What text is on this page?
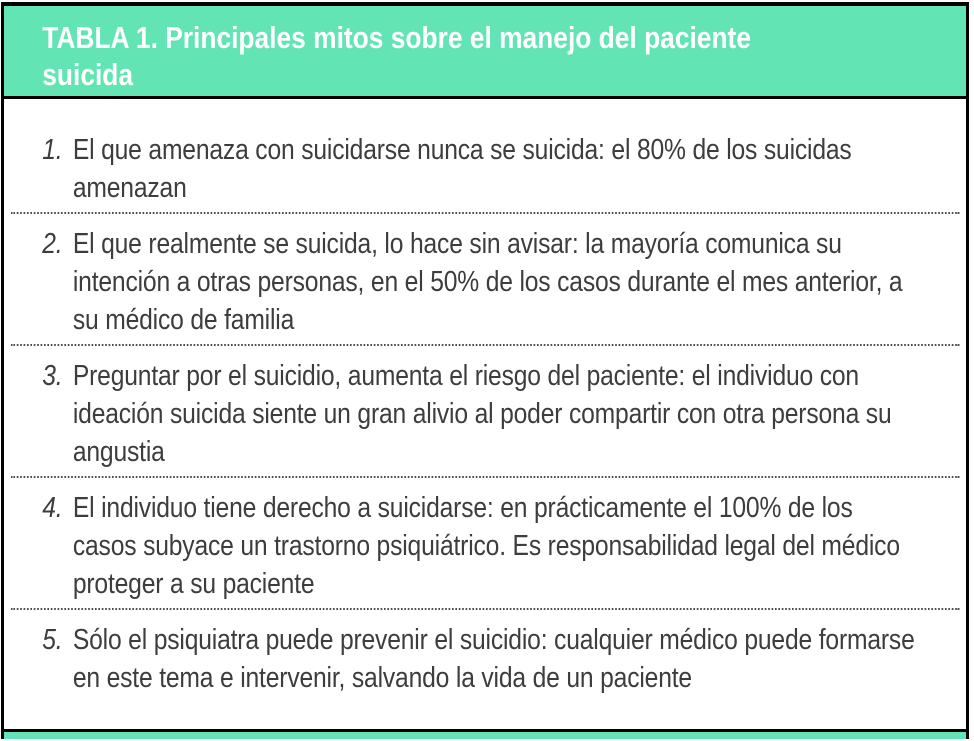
TABLA 1. Principales mitos sobre el manejo del paciente
suicida
1. El que amenaza con suicidarse nunca se suicida: el 80% de los suicidas amenazan
2. El que realmente se suicida, lo hace sin avisar: la mayoría comunica su intención a otras personas, en el 50% de los casos durante el mes anterior, a su médico de familia
3. Preguntar por el suicidio, aumenta el riesgo del paciente: el individuo con ideación suicida siente un gran alivio al poder compartir con otra persona su angustia
4. El individuo tiene derecho a suicidarse: en prácticamente el 100% de los casos subyace un trastorno psiquiátrico. Es responsabilidad legal del médico proteger a su paciente
5. Sólo el psiquiatra puede prevenir el suicidio: cualquier médico puede formarse en este tema e intervenir, salvando la vida de un paciente
